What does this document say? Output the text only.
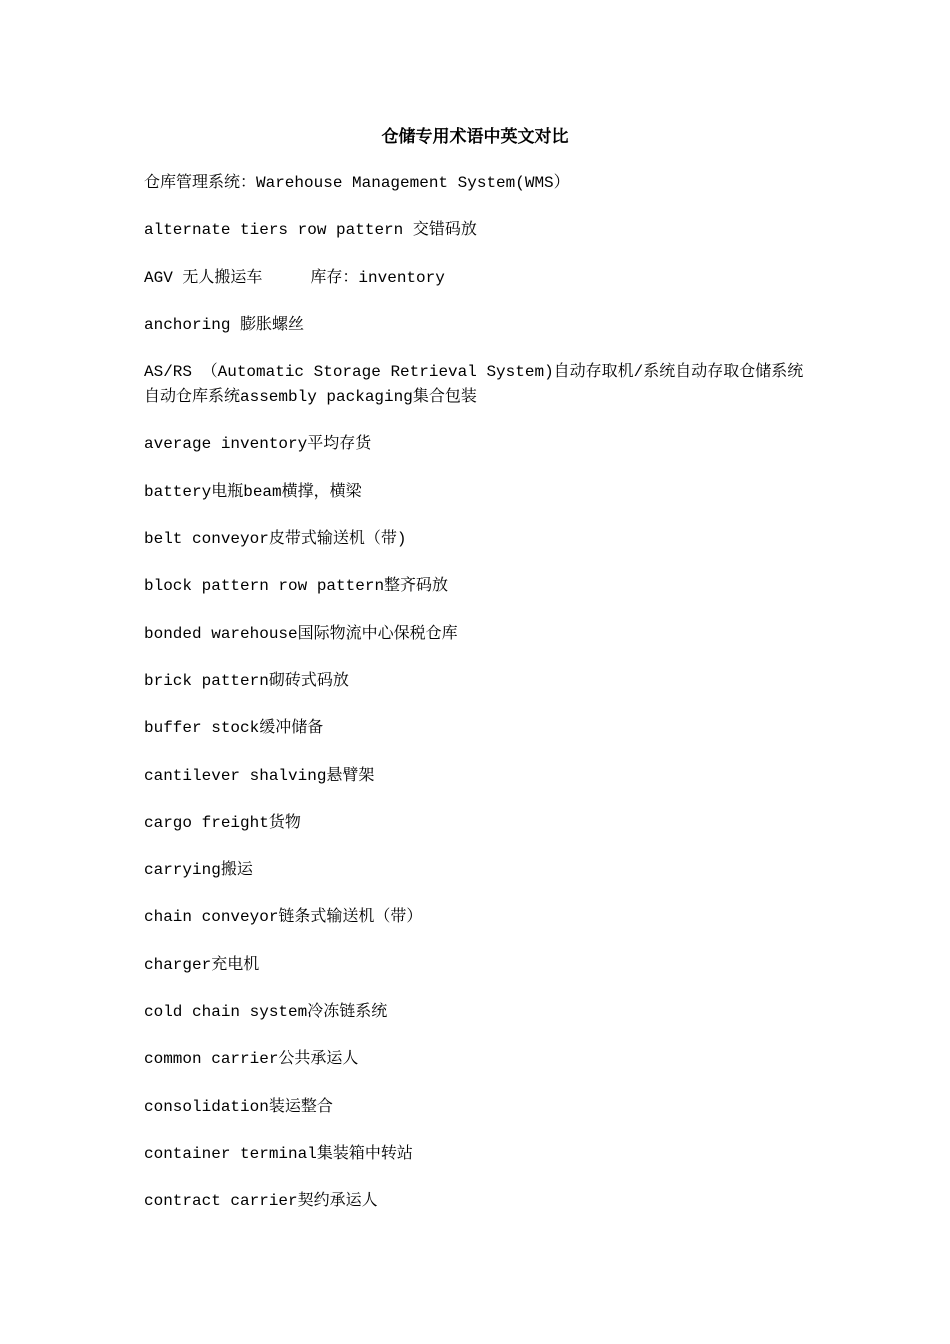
仓储专用术语中英文对比
仓库管理系统：Warehouse Management System(WMS）
alternate tiers row pattern 交错码放
AGV 无人搬运车     库存：inventory
anchoring 膨胀螺丝
AS/RS （Automatic Storage Retrieval System)自动存取机/系统自动存取仓储系统自动仓库系统assembly packaging集合包装
average inventory平均存货
battery电瓶beam横撑，横梁
belt conveyor皮带式输送机（带)
block pattern row pattern整齐码放
bonded warehouse国际物流中心保税仓库
brick pattern砌砖式码放
buffer stock缓冲储备
cantilever shalving悬臂架
cargo freight货物
carrying搬运
chain conveyor链条式输送机（带）
charger充电机
cold chain system冷冻链系统
common carrier公共承运人
consolidation装运整合
container terminal集装箱中转站
contract carrier契约承运人
